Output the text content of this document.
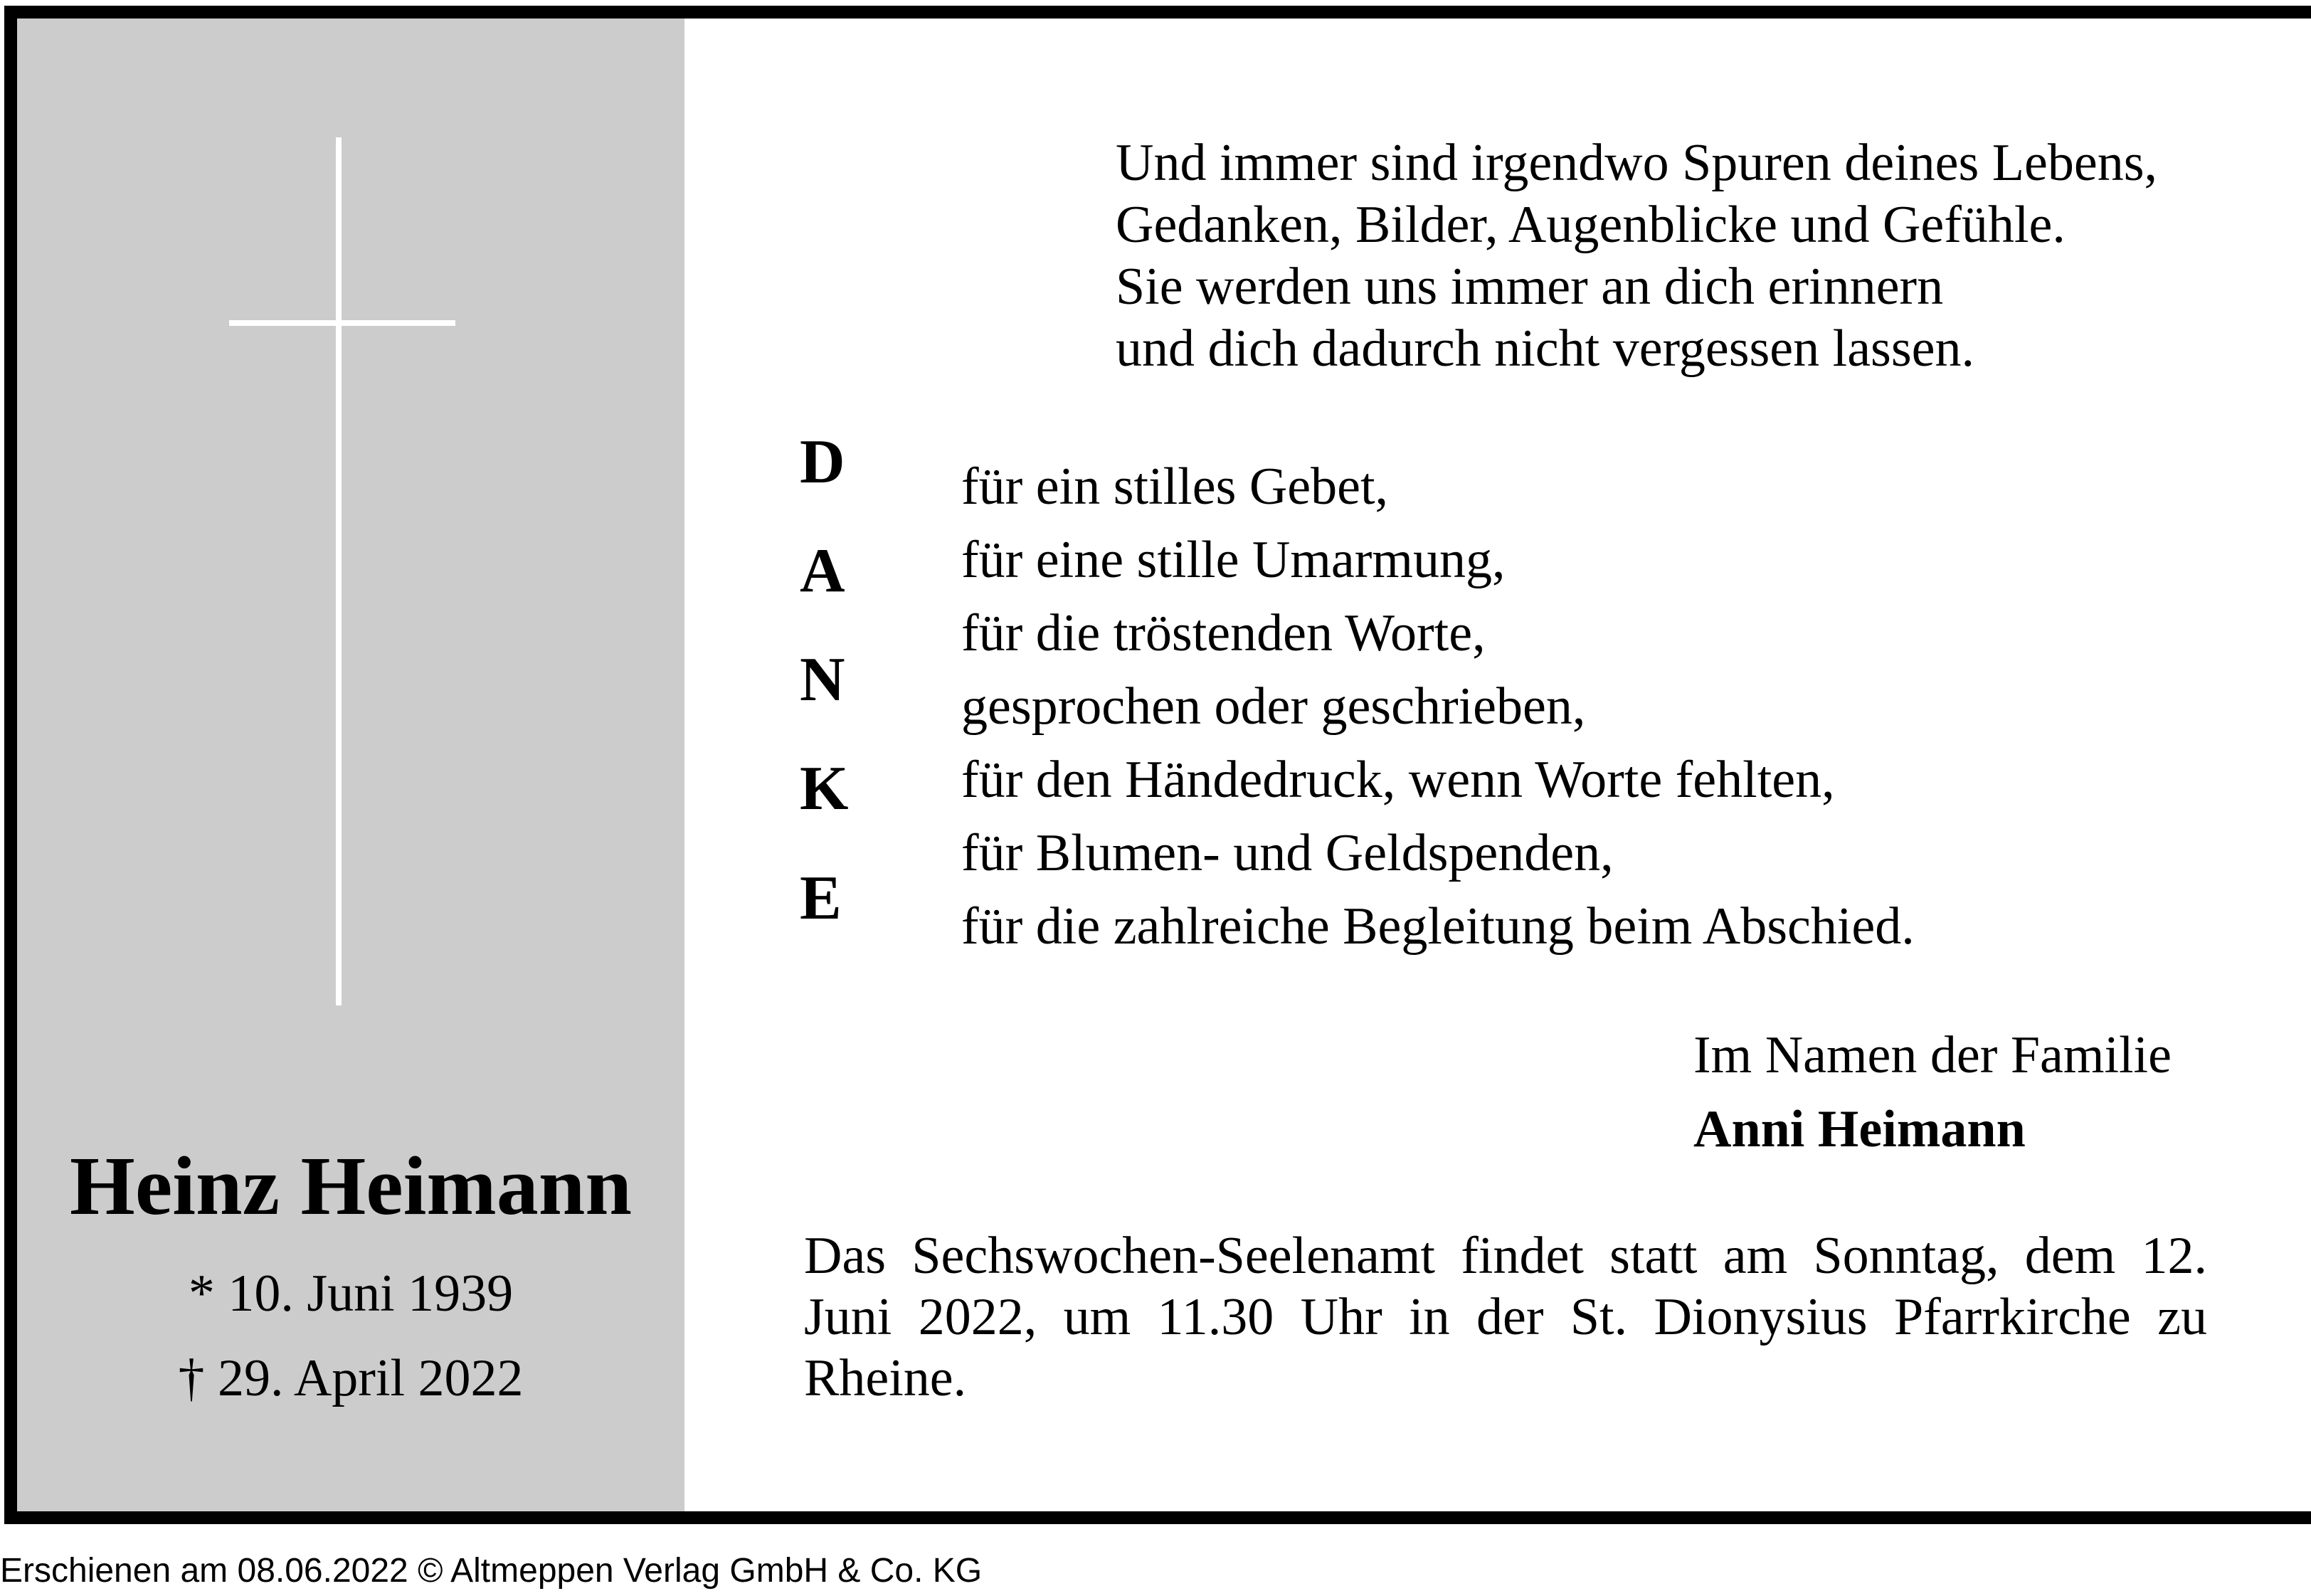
Heinz Heimann
* 10. Juni 1939
† 29. April 2022
Und immer sind irgendwo Spuren deines Lebens,
Gedanken, Bilder, Augenblicke und Gefühle.
Sie werden uns immer an dich erinnern
und dich dadurch nicht vergessen lassen.
D
A
N
K
E
für ein stilles Gebet,
für eine stille Umarmung,
für die tröstenden Worte,
gesprochen oder geschrieben,
für den Händedruck, wenn Worte fehlten,
für Blumen- und Geldspenden,
für die zahlreiche Begleitung beim Abschied.
Im Namen der Familie
Anni Heimann
Das Sechswochen-Seelenamt findet statt am Sonntag, dem 12. Juni 2022, um 11.30 Uhr in der St. Dionysius Pfarrkirche zu Rheine.
Erschienen am 08.06.2022 © Altmeppen Verlag GmbH & Co. KG
